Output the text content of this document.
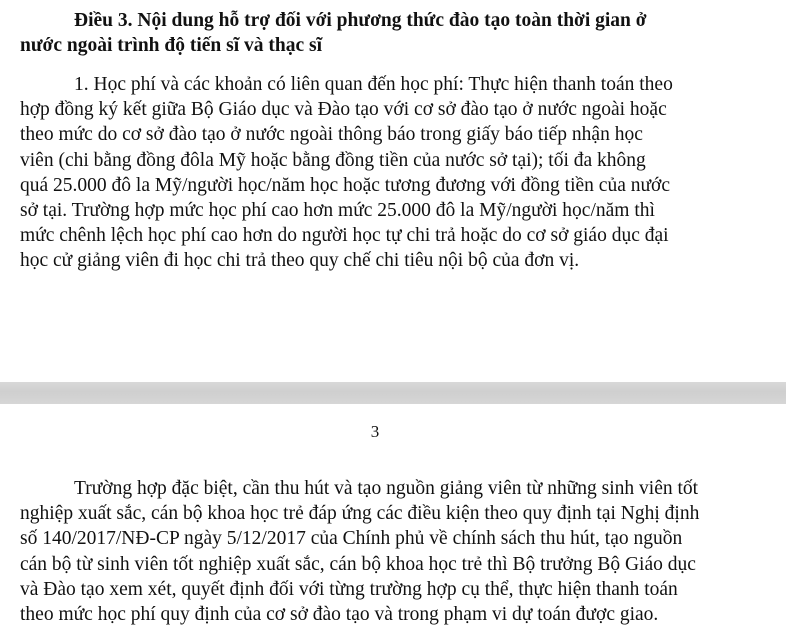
Điều 3. Nội dung hỗ trợ đối với phương thức đào tạo toàn thời gian ở
nước ngoài trình độ tiến sĩ và thạc sĩ

1. Học phí và các khoản có liên quan đến học phí: Thực hiện thanh toán theo
hợp đồng ký kết giữa Bộ Giáo dục và Đào tạo với cơ sở đào tạo ở nước ngoài hoặc
theo mức do cơ sở đào tạo ở nước ngoài thông báo trong giấy báo tiếp nhận học
viên (chi bằng đồng đôla Mỹ hoặc bằng đồng tiền của nước sở tại); tối đa không
quá 25.000 đô la Mỹ/người học/năm học hoặc tương đương với đồng tiền của nước
sở tại. Trường hợp mức học phí cao hơn mức 25.000 đô la Mỹ/người học/năm thì
mức chênh lệch học phí cao hơn do người học tự chi trả hoặc do cơ sở giáo dục đại
học cử giảng viên đi học chi trả theo quy chế chi tiêu nội bộ của đơn vị.

3

Trường hợp đặc biệt, cần thu hút và tạo nguồn giảng viên từ những sinh viên tốt
nghiệp xuất sắc, cán bộ khoa học trẻ đáp ứng các điều kiện theo quy định tại Nghị định
số 140/2017/NĐ-CP ngày 5/12/2017 của Chính phủ về chính sách thu hút, tạo nguồn
cán bộ từ sinh viên tốt nghiệp xuất sắc, cán bộ khoa học trẻ thì Bộ trưởng Bộ Giáo dục
và Đào tạo xem xét, quyết định đối với từng trường hợp cụ thể, thực hiện thanh toán
theo mức học phí quy định của cơ sở đào tạo và trong phạm vi dự toán được giao.
